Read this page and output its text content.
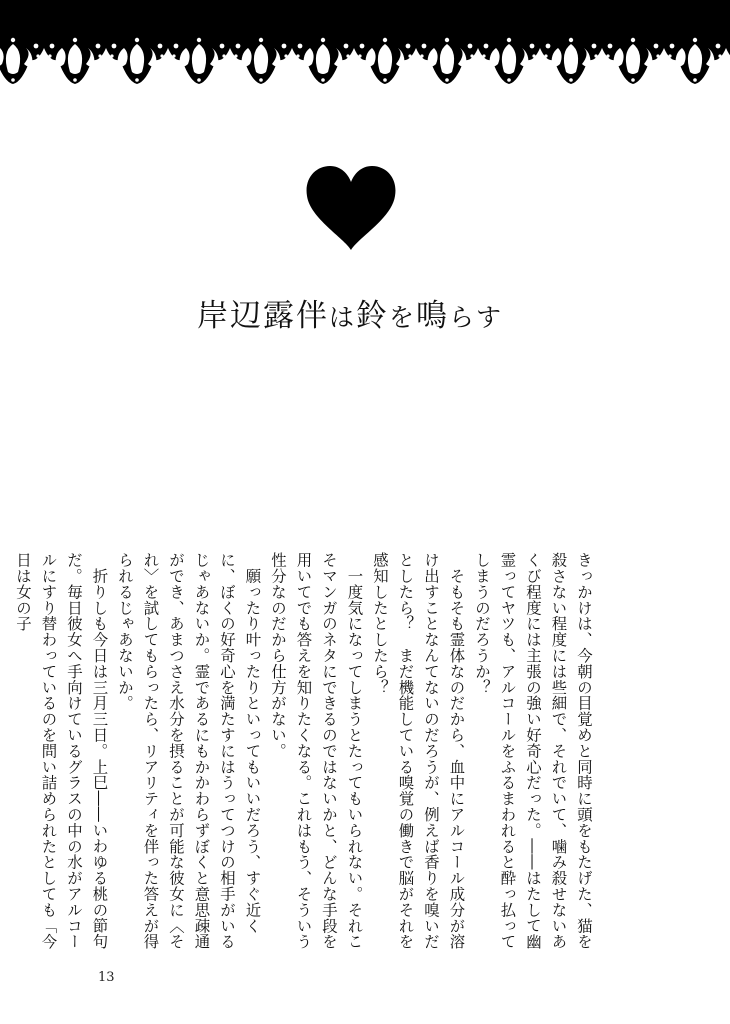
岸辺露伴は鈴を鳴らす

きっかけは、今朝の目覚めと同時に頭をもたげた、猫を殺さない程度には些細で、それでいて、噛み殺せないあくび程度には主張の強い好奇心だった。――はたして幽霊ってヤツも、アルコールをふるまわれると酔っ払ってしまうのだろうか？

　そもそも霊体なのだから、血中にアルコール成分が溶け出すことなんてないのだろうが、例えば香りを嗅いだとしたら？　まだ機能している嗅覚の働きで脳がそれを感知したとしたら？

　一度気になってしまうとたってもいられない。それこそマンガのネタにできるのではないかと、どんな手段を用いてでも答えを知りたくなる。これはもう、そういう性分なのだから仕方がない。

　願ったり叶ったりといってもいいだろう、すぐ近くに、ぼくの好奇心を満たすにはうってつけの相手がいるじゃあないか。霊であるにもかかわらずぼくと意思疎通ができ、あまつさえ水分を摂ることが可能な彼女に〈それ〉を試してもらったら、リアリティを伴った答えが得られるじゃあないか。

　折りしも今日は三月三日。上巳――いわゆる桃の節句だ。毎日彼女へ手向けているグラスの中の水がアルコールにすり替わっているのを問い詰められたとしても「今日は女の子

13
